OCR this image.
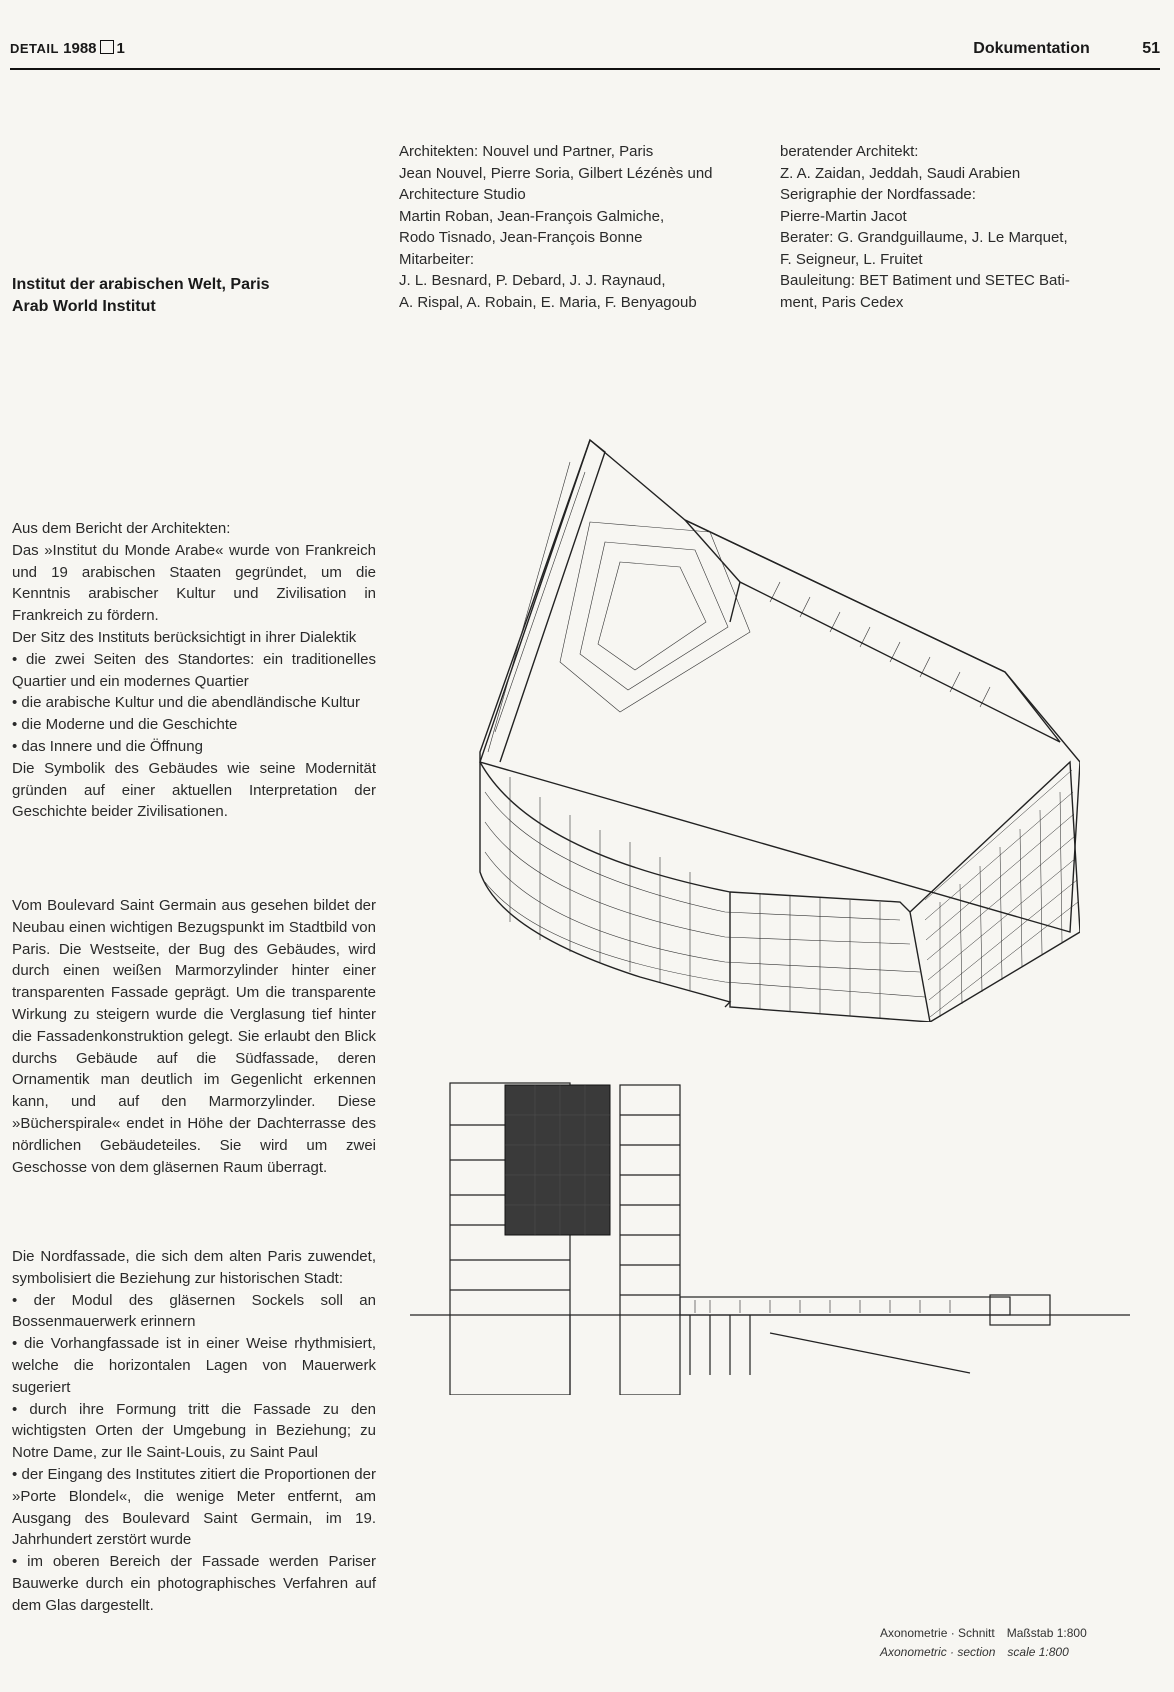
DETAIL 1988 1	Dokumentation	51
Institut der arabischen Welt, Paris
Arab World Institut
Architekten: Nouvel und Partner, Paris
Jean Nouvel, Pierre Soria, Gilbert Lézénès und
Architecture Studio
Martin Roban, Jean-François Galmiche,
Rodo Tisnado, Jean-François Bonne
Mitarbeiter:
J. L. Besnard, P. Debard, J. J. Raynaud,
A. Rispal, A. Robain, E. Maria, F. Benyagoub
beratender Architekt:
Z. A. Zaidan, Jeddah, Saudi Arabien
Serigraphie der Nordfassade:
Pierre-Martin Jacot
Berater: G. Grandguillaume, J. Le Marquet,
F. Seigneur, L. Fruitet
Bauleitung: BET Batiment und SETEC Bati-
ment, Paris Cedex

Aus dem Bericht der Architekten:

Das »Institut du Monde Arabe« wurde von Frankreich und 19 arabischen Staaten gegründet, um die Kenntnis arabischer Kultur und Zivilisation in Frankreich zu fördern.

Der Sitz des Instituts berücksichtigt in ihrer Dialektik

• die zwei Seiten des Standortes: ein traditionelles Quartier und ein modernes Quartier

• die arabische Kultur und die abendländische Kultur

• die Moderne und die Geschichte

• das Innere und die Öffnung

Die Symbolik des Gebäudes wie seine Modernität gründen auf einer aktuellen Interpretation der Geschichte beider Zivilisationen.

Vom Boulevard Saint Germain aus gesehen bildet der Neubau einen wichtigen Bezugspunkt im Stadtbild von Paris. Die Westseite, der Bug des Gebäudes, wird durch einen weißen Marmorzylinder hinter einer transparenten Fassade geprägt. Um die transparente Wirkung zu steigern wurde die Verglasung tief hinter die Fassadenkonstruktion gelegt. Sie erlaubt den Blick durchs Gebäude auf die Südfassade, deren Ornamentik man deutlich im Gegenlicht erkennen kann, und auf den Marmorzylinder. Diese »Bücherspirale« endet in Höhe der Dachterrasse des nördlichen Gebäudeteiles. Sie wird um zwei Geschosse von dem gläsernen Raum überragt.

Die Nordfassade, die sich dem alten Paris zuwendet, symbolisiert die Beziehung zur historischen Stadt:

• der Modul des gläsernen Sockels soll an Bossenmauerwerk erinnern

• die Vorhangfassade ist in einer Weise rhythmisiert, welche die horizontalen Lagen von Mauerwerk sugeriert

• durch ihre Formung tritt die Fassade zu den wichtigsten Orten der Umgebung in Beziehung; zu Notre Dame, zur Ile Saint-Louis, zu Saint Paul

• der Eingang des Institutes zitiert die Proportionen der »Porte Blondel«, die wenige Meter entfernt, am Ausgang des Boulevard Saint Germain, im 19. Jahrhundert zerstört wurde

• im oberen Bereich der Fassade werden Pariser Bauwerke durch ein photographisches Verfahren auf dem Glas dargestellt.

Axonometrie · Schnitt Maßstab 1:800
Axonometric · section scale 1:800
